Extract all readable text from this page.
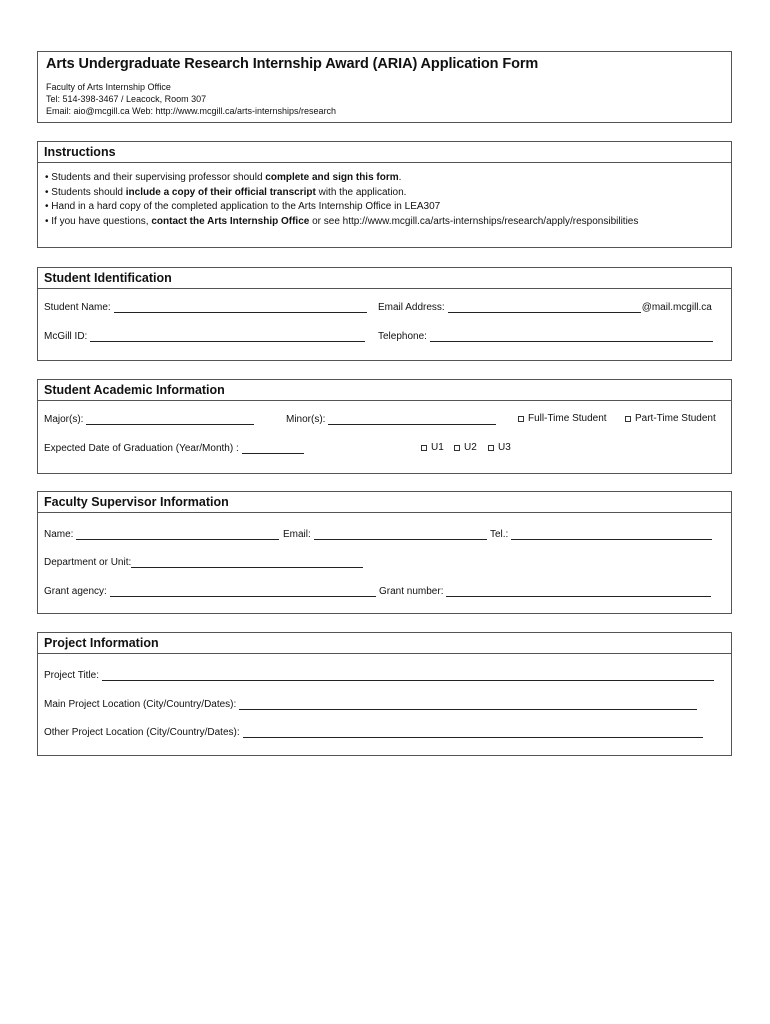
Arts Undergraduate Research Internship Award (ARIA) Application Form
Faculty of Arts Internship Office
Tel: 514-398-3467 / Leacock, Room 307
Email: aio@mcgill.ca Web: http://www.mcgill.ca/arts-internships/research
Instructions
• Students and their supervising professor should complete and sign this form.
• Students should include a copy of their official transcript with the application.
• Hand in a hard copy of the completed application to the Arts Internship Office in LEA307
• If you have questions, contact the Arts Internship Office or see http://www.mcgill.ca/arts-internships/research/apply/responsibilities
Student Identification
Student Name:	Email Address:	@mail.mcgill.ca
McGill ID:	Telephone:
Student Academic Information
Major(s):	Minor(s):	Full-Time Student	Part-Time Student
Expected Date of Graduation (Year/Month) :	U1 U2 U3
Faculty Supervisor Information
Name:	Email:	Tel.:
Department or Unit:
Grant agency:	Grant number:
Project Information
Project Title:
Main Project Location (City/Country/Dates):
Other Project Location (City/Country/Dates):
